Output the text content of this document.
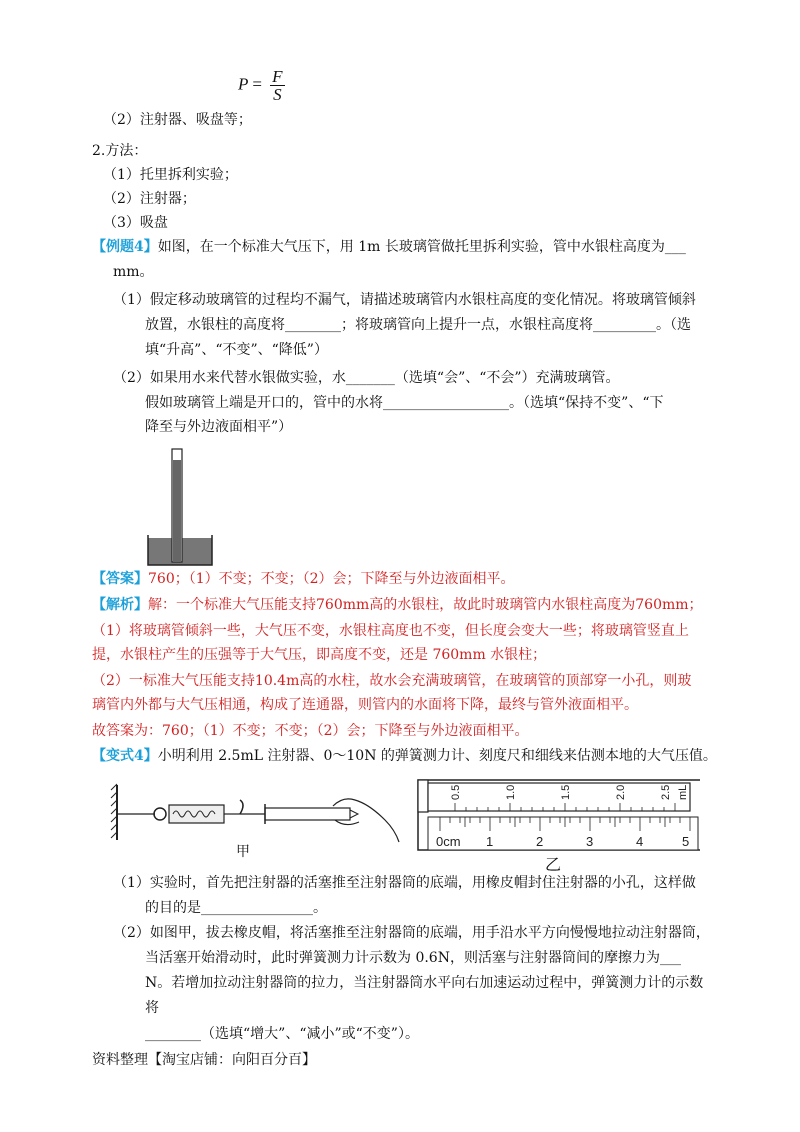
$P = \frac{F}{S}$
（2）注射器、吸盘等；
2.方法：
（1）托里拆利实验；
（2）注射器；
（3）吸盘
【例题4】如图，在一个标准大气压下，用 1m 长玻璃管做托里拆利实验，管中水银柱高度为___
mm。
（1）假定移动玻璃管的过程均不漏气，请描述玻璃管内水银柱高度的变化情况。将玻璃管倾斜
放置，水银柱的高度将________；将玻璃管向上提升一点，水银柱高度将_________。（选
填“升高”、“不变”、“降低”）
（2）如果用水来代替水银做实验，水_______（选填“会”、“不会”）充满玻璃管。
假如玻璃管上端是开口的，管中的水将__________________。（选填“保持不变”、“下
降至与外边液面相平”）
【答案】760；（1）不变；不变；（2）会；下降至与外边液面相平。
【解析】解：一个标准大气压能支持760mm高的水银柱，故此时玻璃管内水银柱高度为760mm；
（1）将玻璃管倾斜一些，大气压不变，水银柱高度也不变，但长度会变大一些；将玻璃管竖直上
提，水银柱产生的压强等于大气压，即高度不变，还是 760mm 水银柱；
（2）一标准大气压能支持10.4m高的水柱，故水会充满玻璃管，在玻璃管的顶部穿一小孔，则玻
璃管内外都与大气压相通，构成了连通器，则管内的水面将下降，最终与管外液面相平。
故答案为：760；（1）不变；不变；（2）会；下降至与外边液面相平。
【变式4】小明利用 2.5mL 注射器、0～10N 的弹簧测力计、刻度尺和细线来估测本地的大气压值。
甲
0.5	1.0	1.5	2.0	2.5 mL
0cm 1	2	3	4	5
乙
（1）实验时，首先把注射器的活塞推至注射器筒的底端，用橡皮帽封住注射器的小孔，这样做
的目的是________________。
（2）如图甲，拔去橡皮帽，将活塞推至注射器筒的底端，用手沿水平方向慢慢地拉动注射器筒，
当活塞开始滑动时，此时弹簧测力计示数为 0.6N，则活塞与注射器筒间的摩擦力为___
N。若增加拉动注射器筒的拉力，当注射器筒水平向右加速运动过程中，弹簧测力计的示数
将
________（选填“增大”、“减小”或“不变”）。
资料整理【淘宝店铺：向阳百分百】
